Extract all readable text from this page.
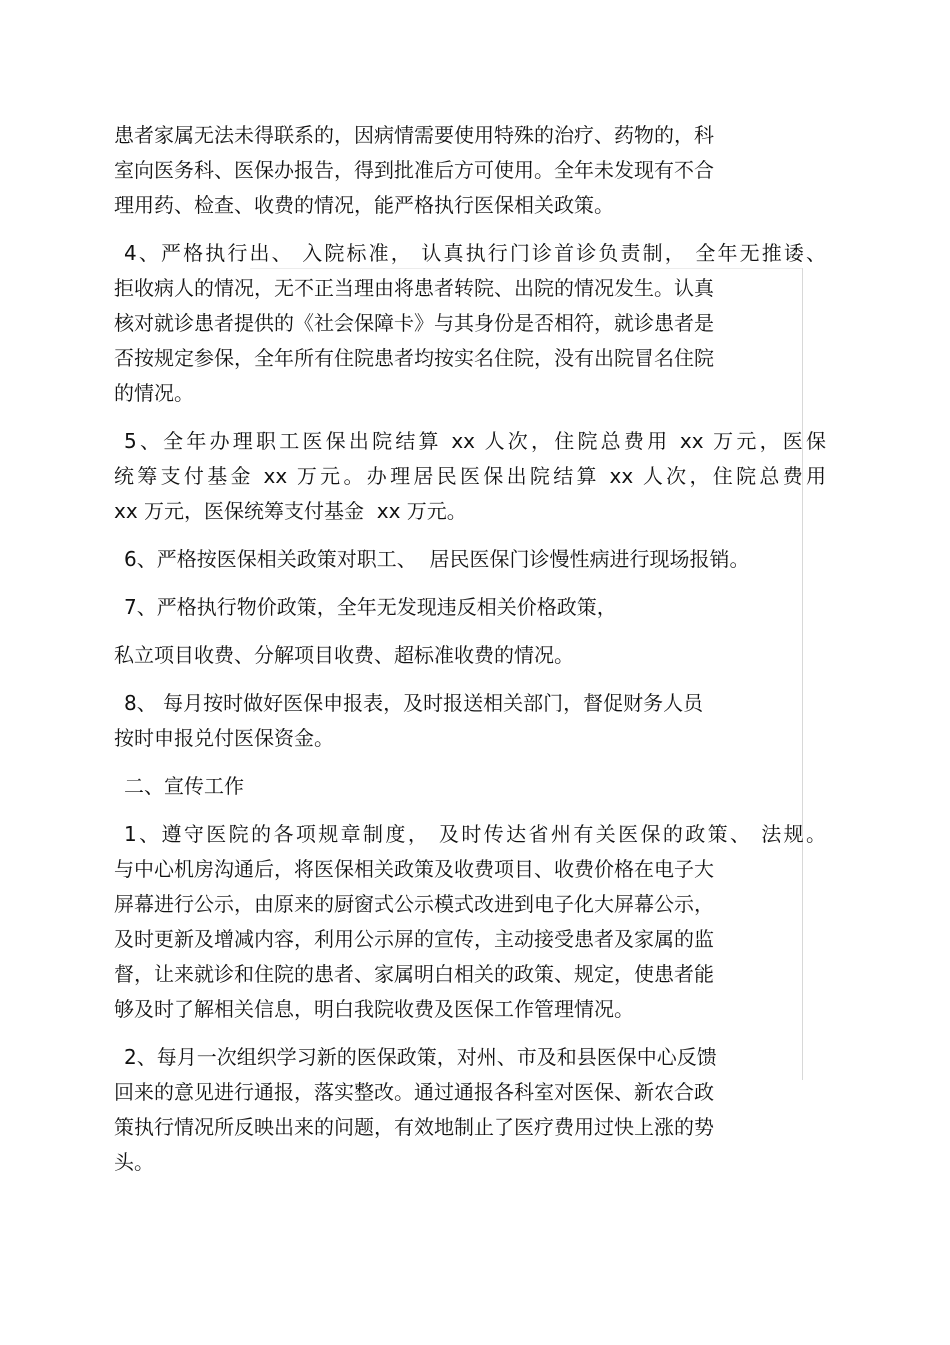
患者家属无法未得联系的，因病情需要使用特殊的治疗、药物的，科
室向医务科、医保办报告，得到批准后方可使用。全年未发现有不合
理用药、检查、收费的情况，能严格执行医保相关政策。
4、严格执行出、 入院标准， 认真执行门诊首诊负责制， 全年无推诿、
拒收病人的情况，无不正当理由将患者转院、出院的情况发生。认真
核对就诊患者提供的《社会保障卡》与其身份是否相符，就诊患者是
否按规定参保，全年所有住院患者均按实名住院，没有出院冒名住院
的情况。
5、全年办理职工医保出院结算 xx 人次，住院总费用 xx 万元，医保
统筹支付基金 xx 万元。办理居民医保出院结算 xx 人次，住院总费用
xx 万元，医保统筹支付基金  xx 万元。
6、严格按医保相关政策对职工、  居民医保门诊慢性病进行现场报销。
7、严格执行物价政策，全年无发现违反相关价格政策，
私立项目收费、分解项目收费、超标准收费的情况。
8、 每月按时做好医保申报表，及时报送相关部门，督促财务人员
按时申报兑付医保资金。
二、宣传工作
1、遵守医院的各项规章制度， 及时传达省州有关医保的政策、 法规。
与中心机房沟通后，将医保相关政策及收费项目、收费价格在电子大
屏幕进行公示，由原来的厨窗式公示模式改进到电子化大屏幕公示，
及时更新及增减内容，利用公示屏的宣传，主动接受患者及家属的监
督，让来就诊和住院的患者、家属明白相关的政策、规定，使患者能
够及时了解相关信息，明白我院收费及医保工作管理情况。
2、每月一次组织学习新的医保政策，对州、市及和县医保中心反馈
回来的意见进行通报，落实整改。通过通报各科室对医保、新农合政
策执行情况所反映出来的问题，有效地制止了医疗费用过快上涨的势
头。
